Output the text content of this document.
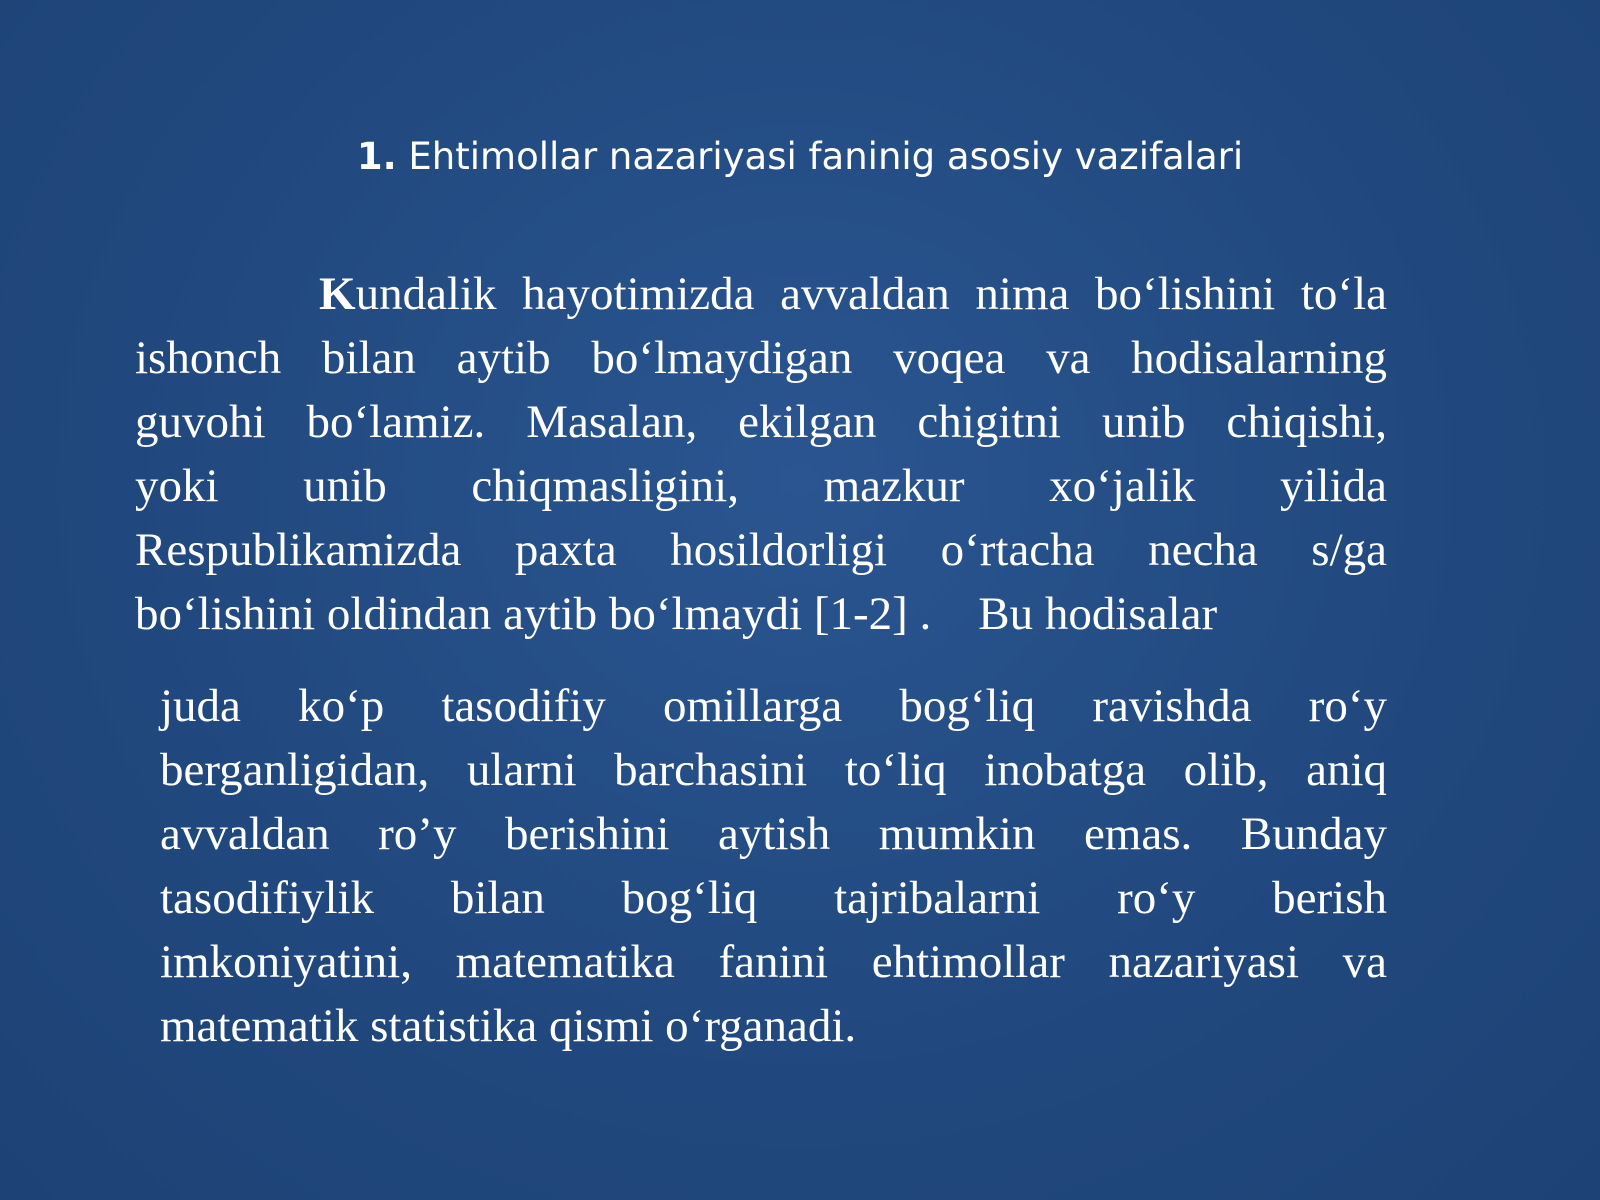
1. Ehtimollar nazariyasi faninig asosiy vazifalari
Kundalik hayotimizda avvaldan nima bo‘lishini to‘la
ishonch bilan aytib bo‘lmaydigan voqea va hodisalarning
guvohi bo‘lamiz. Masalan, ekilgan chigitni unib chiqishi,
yoki unib chiqmasligini, mazkur xo‘jalik yilida
Respublikamizda paxta hosildorligi o‘rtacha necha s/ga
bo‘lishini oldindan aytib bo‘lmaydi [1-2] .    Bu hodisalar
juda ko‘p tasodifiy omillarga bog‘liq ravishda ro‘y
berganligidan, ularni barchasini to‘liq inobatga olib, aniq
avvaldan ro’y berishini aytish mumkin emas. Bunday
tasodifiylik bilan bog‘liq tajribalarni ro‘y berish
imkoniyatini, matematika fanini ehtimollar nazariyasi va
matematik statistika qismi o‘rganadi.
